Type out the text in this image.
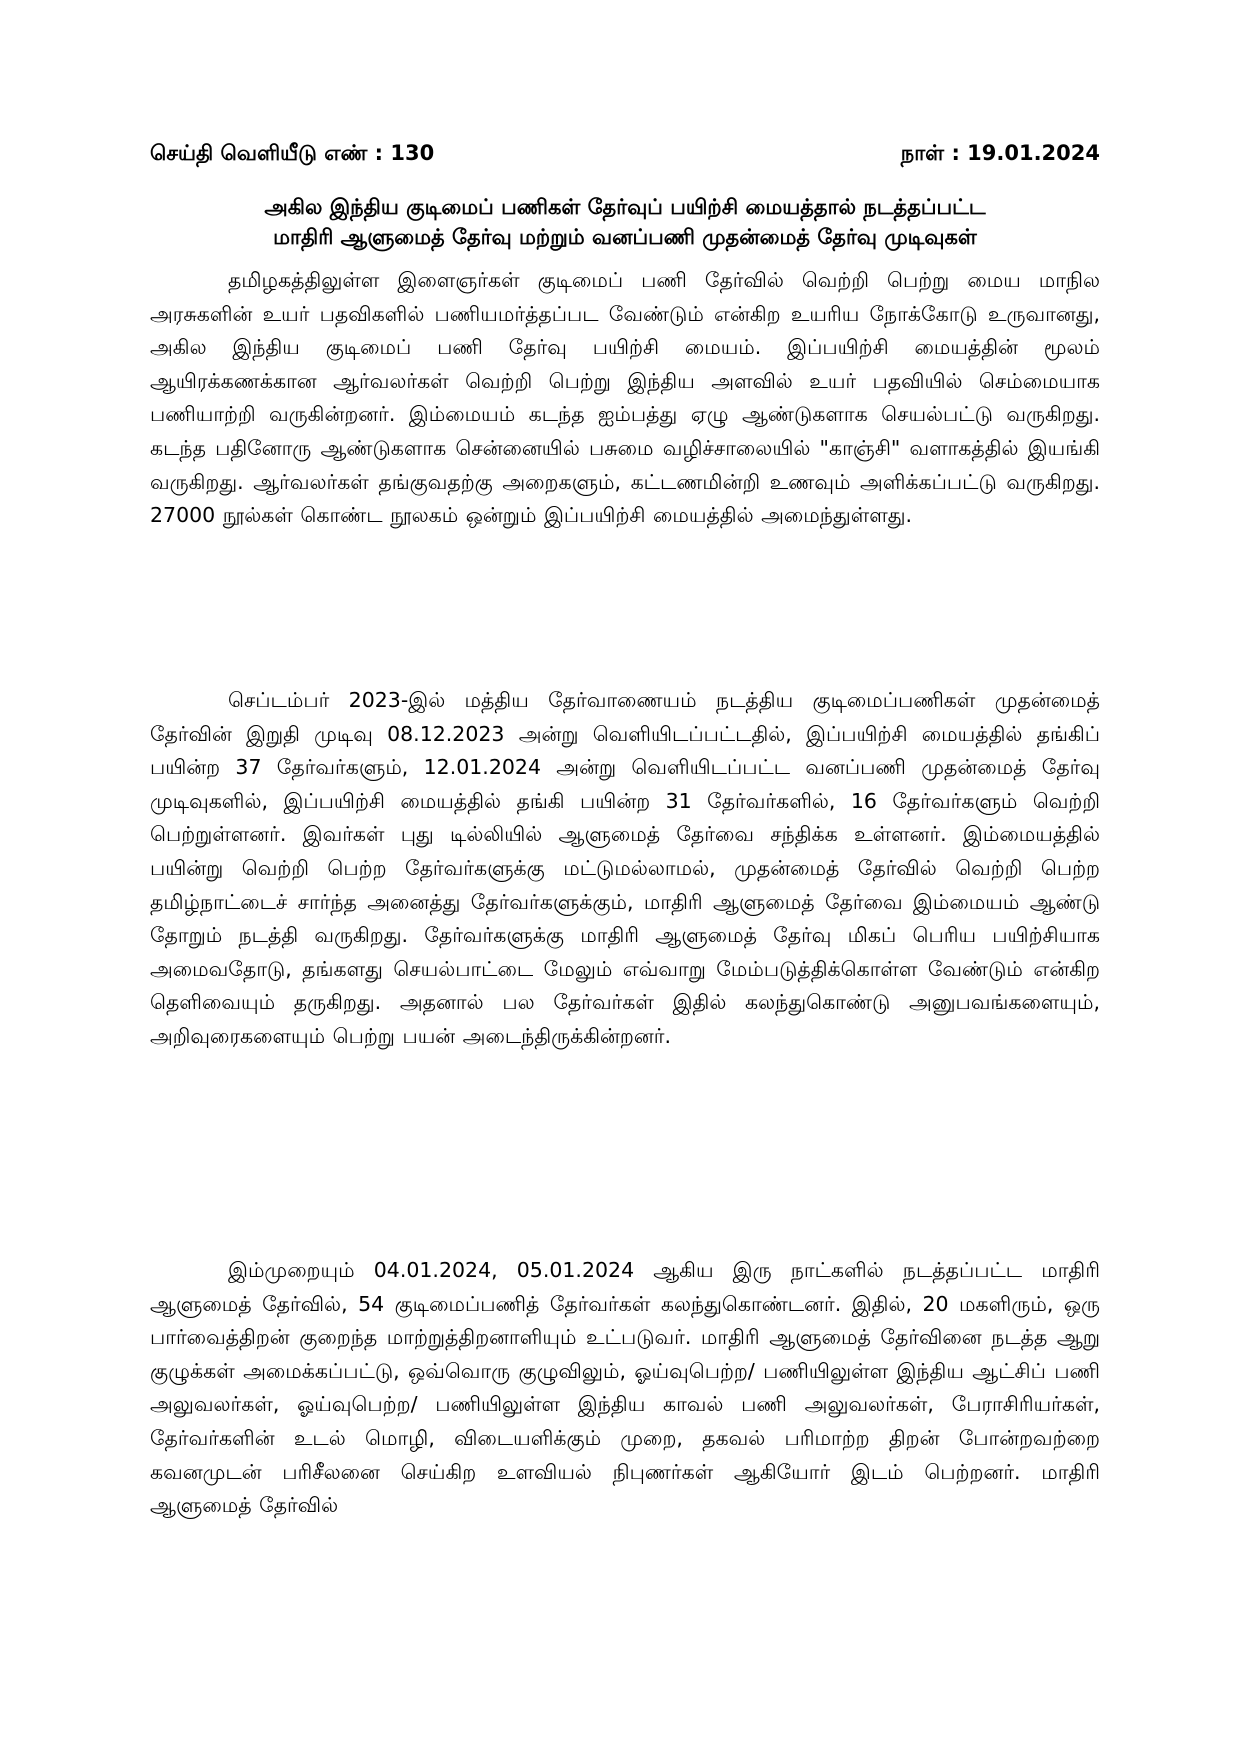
செய்தி வெளியீடு எண் : 130	நாள் : 19.01.2024
அகில இந்திய குடிமைப் பணிகள் தேர்வுப் பயிற்சி மையத்தால் நடத்தப்பட்ட
மாதிரி ஆளுமைத் தேர்வு மற்றும் வனப்பணி முதன்மைத் தேர்வு முடிவுகள்

தமிழகத்திலுள்ள இளைஞர்கள் குடிமைப் பணி தேர்வில் வெற்றி பெற்று மைய மாநில அரசுகளின் உயர் பதவிகளில் பணியமர்த்தப்பட வேண்டும் என்கிற உயரிய நோக்கோடு உருவானது, அகில இந்திய குடிமைப் பணி தேர்வு பயிற்சி மையம். இப்பயிற்சி மையத்தின் மூலம் ஆயிரக்கணக்கான ஆர்வலர்கள் வெற்றி பெற்று இந்திய அளவில் உயர் பதவியில் செம்மையாக பணியாற்றி வருகின்றனர். இம்மையம் கடந்த ஐம்பத்து ஏழு ஆண்டுகளாக செயல்பட்டு வருகிறது. கடந்த பதினோரு ஆண்டுகளாக சென்னையில் பசுமை வழிச்சாலையில் "காஞ்சி" வளாகத்தில் இயங்கி வருகிறது. ஆர்வலர்கள் தங்குவதற்கு அறைகளும், கட்டணமின்றி உணவும் அளிக்கப்பட்டு வருகிறது. 27000 நூல்கள் கொண்ட நூலகம் ஒன்றும் இப்பயிற்சி மையத்தில் அமைந்துள்ளது.

செப்டம்பர் 2023-இல் மத்திய தேர்வாணையம் நடத்திய குடிமைப்பணிகள் முதன்மைத் தேர்வின் இறுதி முடிவு 08.12.2023 அன்று வெளியிடப்பட்டதில், இப்பயிற்சி மையத்தில் தங்கிப் பயின்ற 37 தேர்வர்களும், 12.01.2024 அன்று வெளியிடப்பட்ட வனப்பணி முதன்மைத் தேர்வு முடிவுகளில், இப்பயிற்சி மையத்தில் தங்கி பயின்ற 31 தேர்வர்களில், 16 தேர்வர்களும் வெற்றி பெற்றுள்ளனர். இவர்கள் புது டில்லியில் ஆளுமைத் தேர்வை சந்திக்க உள்ளனர். இம்மையத்தில் பயின்று வெற்றி பெற்ற தேர்வர்களுக்கு மட்டுமல்லாமல், முதன்மைத் தேர்வில் வெற்றி பெற்ற தமிழ்நாட்டைச் சார்ந்த அனைத்து தேர்வர்களுக்கும், மாதிரி ஆளுமைத் தேர்வை இம்மையம் ஆண்டு தோறும் நடத்தி வருகிறது. தேர்வர்களுக்கு மாதிரி ஆளுமைத் தேர்வு மிகப் பெரிய பயிற்சியாக அமைவதோடு, தங்களது செயல்பாட்டை மேலும் எவ்வாறு மேம்படுத்திக்கொள்ள வேண்டும் என்கிற தெளிவையும் தருகிறது. அதனால் பல தேர்வர்கள் இதில் கலந்துகொண்டு அனுபவங்களையும், அறிவுரைகளையும் பெற்று பயன் அடைந்திருக்கின்றனர்.

இம்முறையும் 04.01.2024, 05.01.2024 ஆகிய இரு நாட்களில் நடத்தப்பட்ட மாதிரி ஆளுமைத் தேர்வில், 54 குடிமைப்பணித் தேர்வர்கள் கலந்துகொண்டனர். இதில், 20 மகளிரும், ஒரு பார்வைத்திறன் குறைந்த மாற்றுத்திறனாளியும் உட்படுவர். மாதிரி ஆளுமைத் தேர்வினை நடத்த ஆறு குழுக்கள் அமைக்கப்பட்டு, ஒவ்வொரு குழுவிலும், ஓய்வுபெற்ற/ பணியிலுள்ள இந்திய ஆட்சிப் பணி அலுவலர்கள், ஓய்வுபெற்ற/ பணியிலுள்ள இந்திய காவல் பணி அலுவலர்கள், பேராசிரியர்கள், தேர்வர்களின் உடல் மொழி, விடையளிக்கும் முறை, தகவல் பரிமாற்ற திறன் போன்றவற்றை கவனமுடன் பரிசீலனை செய்கிற உளவியல் நிபுணர்கள் ஆகியோர் இடம் பெற்றனர். மாதிரி ஆளுமைத் தேர்வில்
